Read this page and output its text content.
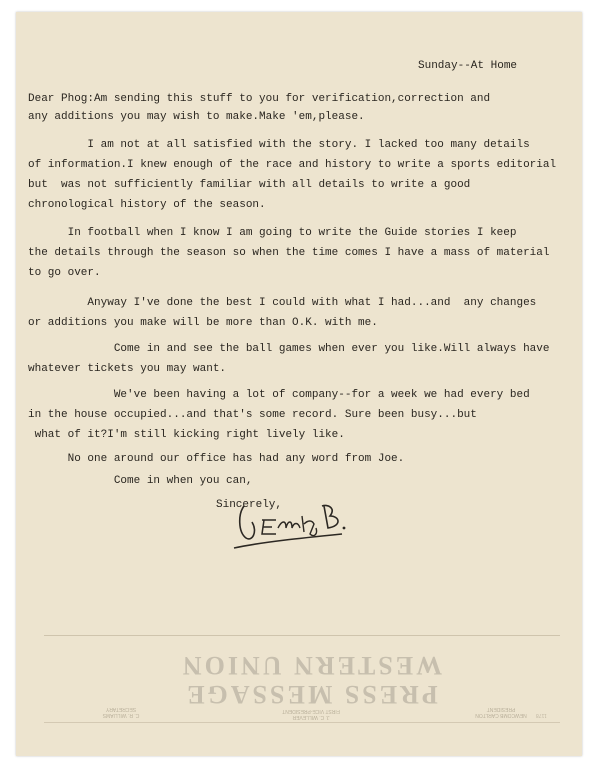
Sunday--At Home
Dear Phog:Am sending this stuff to you for verification,correction and
any additions you may wish to make.Make 'em,please.
I am not at all satisfied with the story. I lacked too many details
of information.I knew enough of the race and history to write a sports editorial
but  was not sufficiently familiar with all details to write a good
chronological history of the season.
In football when I know I am going to write the Guide stories I keep
the details through the season so when the time comes I have a mass of material
to go over.
Anyway I've done the best I could with what I had...and  any changes
or additions you make will be more than O.K. with me.
Come in and see the ball games when ever you like.Will always have
whatever tickets you may want.
We've been having a lot of company--for a week we had every bed
in the house occupied...and that's some record. Sure been busy...but
what of it?I'm still kicking right lively like.
No one around our office has had any word from Joe.
Come in when you can,
Sincerely,
NEWCOMB CARLTON
PRESIDENT
J. C. WILLEVER
FIRST VICE-PRESIDENT
C. R. WILLIAMS
SECRETARY	PRESS MESSAGE
WESTERN UNION
1178
